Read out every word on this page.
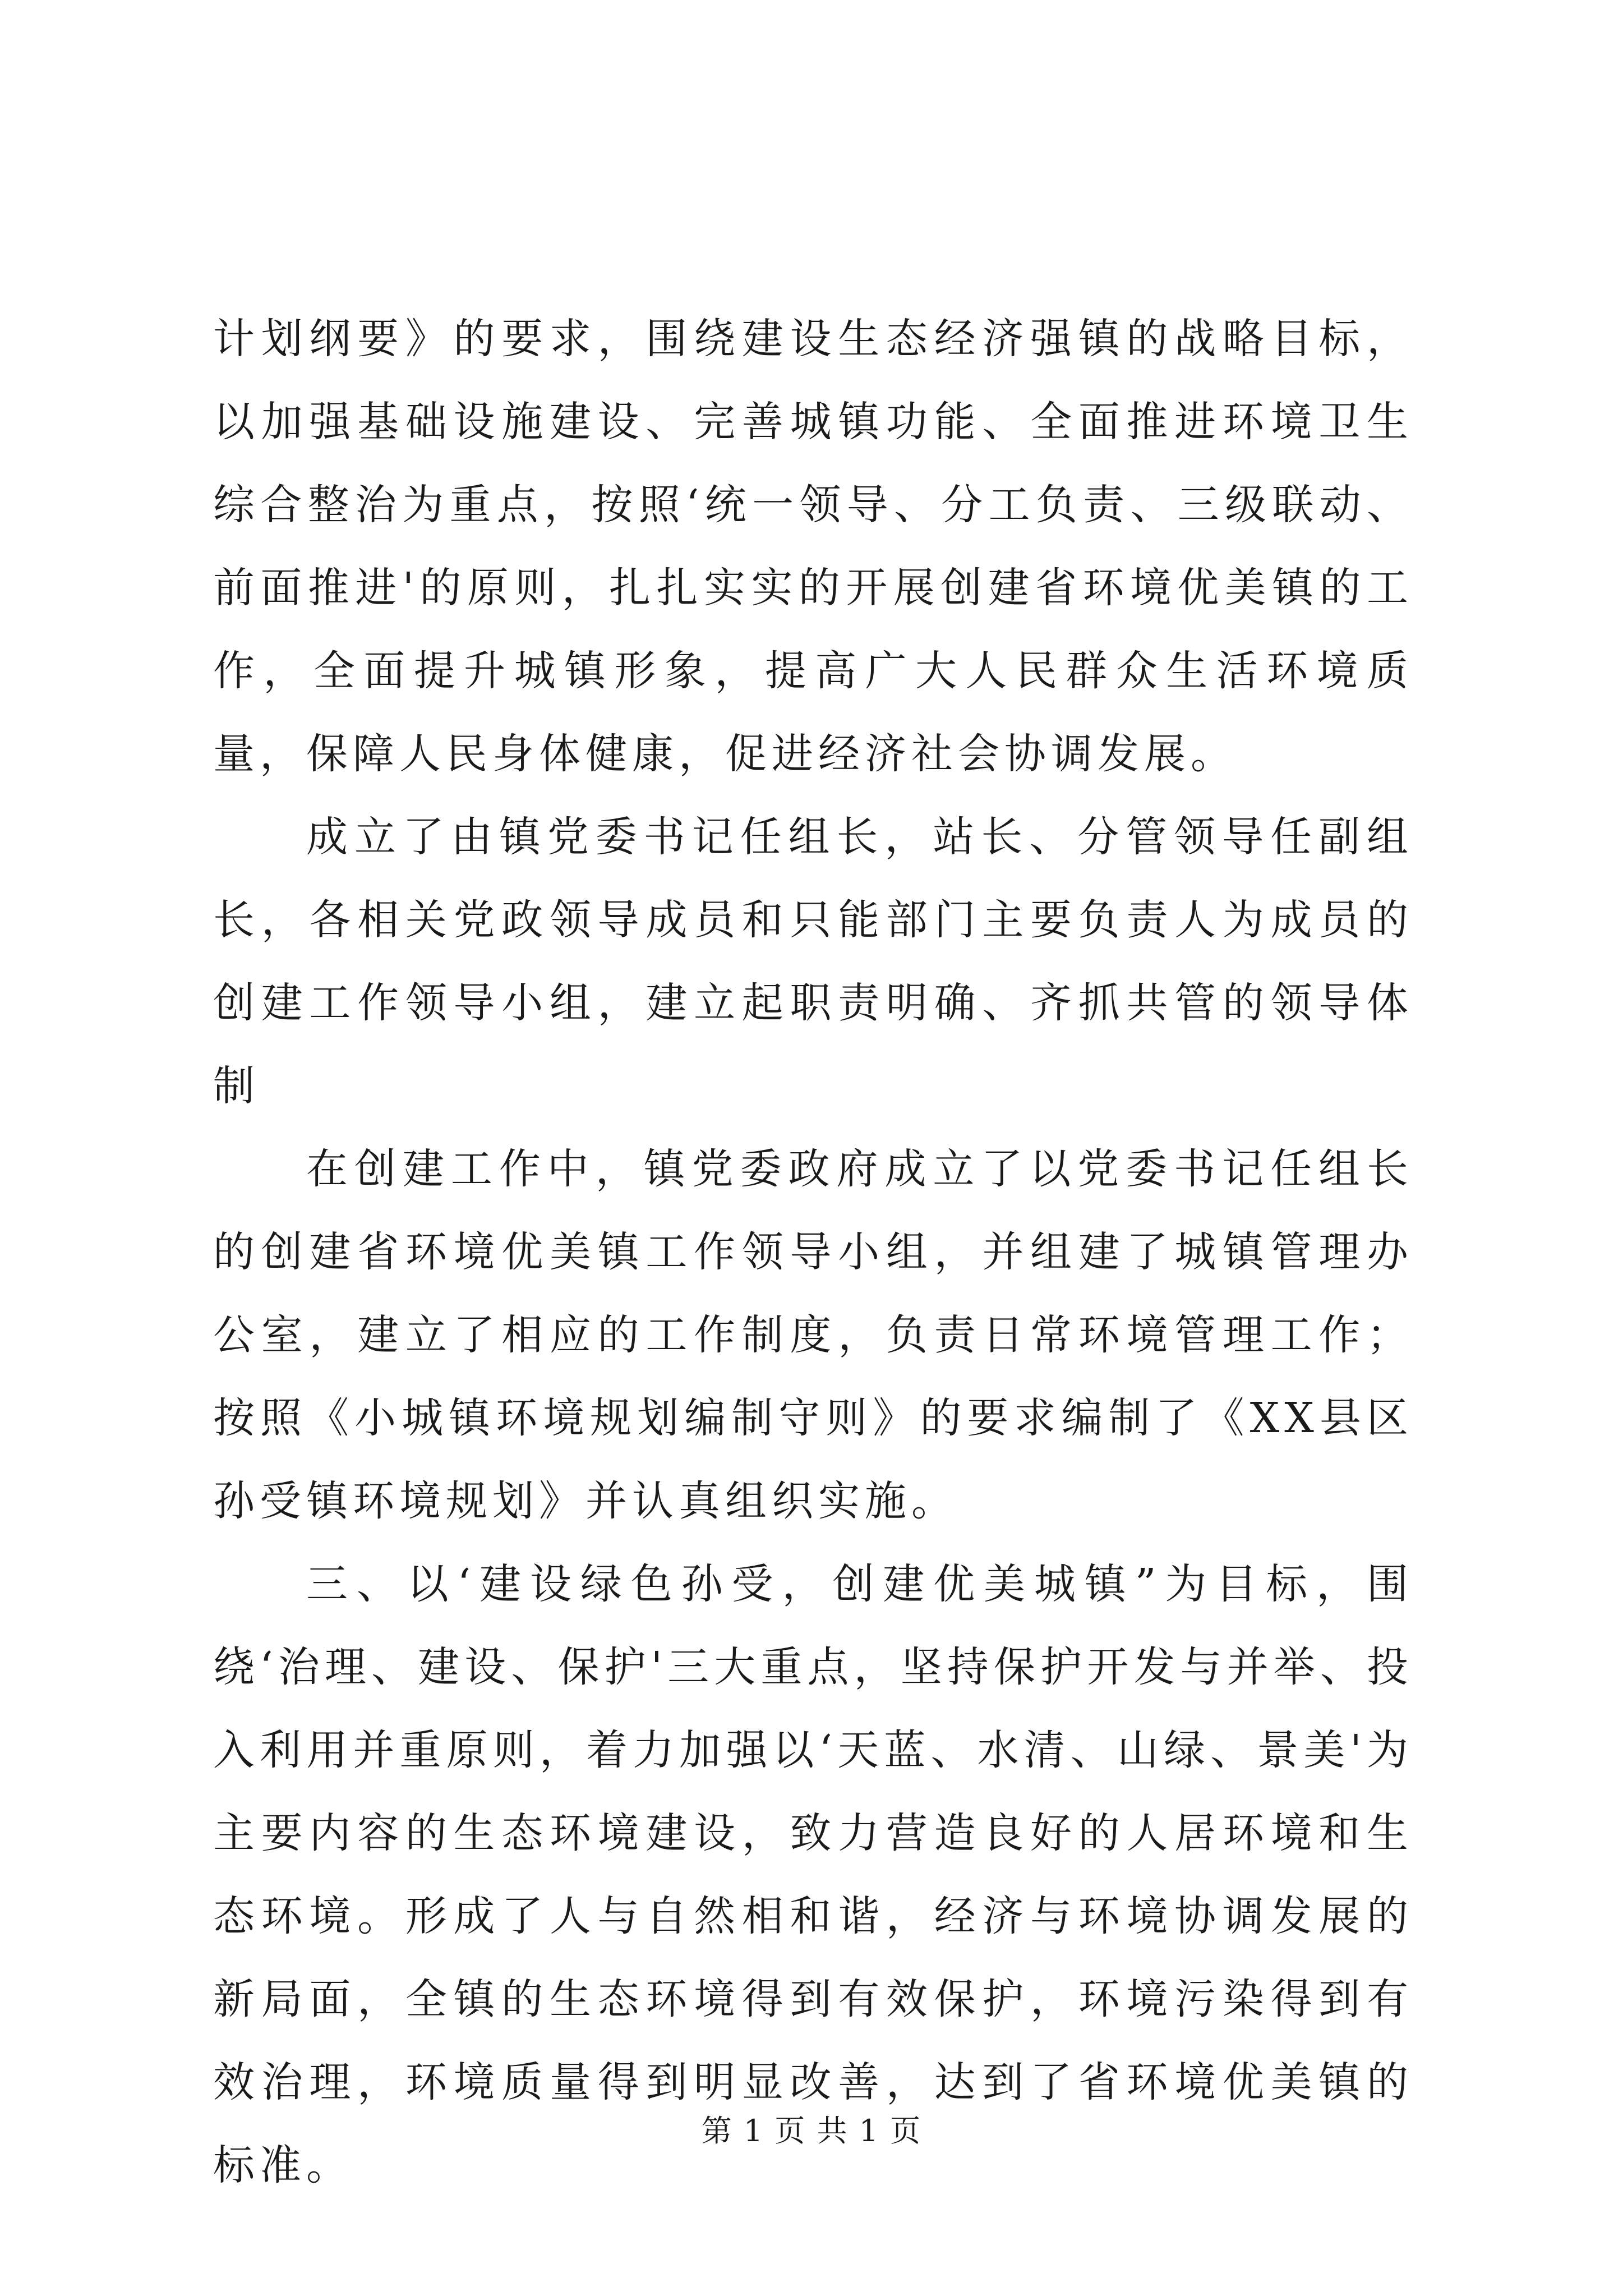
计划纲要》的要求，围绕建设生态经济强镇的战略目标，以加强基础设施建设、完善城镇功能、全面推进环境卫生综合整治为重点，按照‘统一领导、分工负责、三级联动、前面推进'的原则，扎扎实实的开展创建省环境优美镇的工作，全面提升城镇形象，提高广大人民群众生活环境质量，保障人民身体健康，促进经济社会协调发展。

成立了由镇党委书记任组长，站长、分管领导任副组长，各相关党政领导成员和只能部门主要负责人为成员的创建工作领导小组，建立起职责明确、齐抓共管的领导体制

在创建工作中，镇党委政府成立了以党委书记任组长的创建省环境优美镇工作领导小组，并组建了城镇管理办公室，建立了相应的工作制度，负责日常环境管理工作；按照《小城镇环境规划编制守则》的要求编制了《XX县区孙受镇环境规划》并认真组织实施。

三、以‘建设绿色孙受，创建优美城镇”为目标，围绕‘治理、建设、保护'三大重点，坚持保护开发与并举、投入利用并重原则，着力加强以‘天蓝、水清、山绿、景美'为主要内容的生态环境建设，致力营造良好的人居环境和生态环境。形成了人与自然相和谐，经济与环境协调发展的新局面，全镇的生态环境得到有效保护，环境污染得到有效治理，环境质量得到明显改善，达到了省环境优美镇的标准。

第 1 页 共 1 页
